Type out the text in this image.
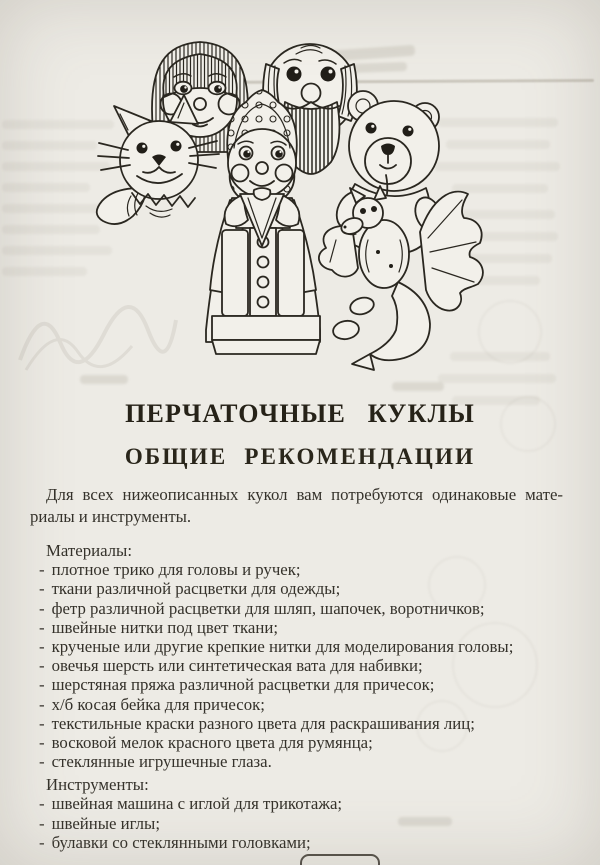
ПЕРЧАТОЧНЫЕ КУКЛЫ
ОБЩИЕ РЕКОМЕНДАЦИИ
Для всех нижеописанных кукол вам потребуются одинаковые мате-
риалы и инструменты.
Материалы:
- плотное трико для головы и ручек;
- ткани различной расцветки для одежды;
- фетр различной расцветки для шляп, шапочек, воротничков;
- швейные нитки под цвет ткани;
- крученые или другие крепкие нитки для моделирования головы;
- овечья шерсть или синтетическая вата для набивки;
- шерстяная пряжа различной расцветки для причесок;
- х/б косая бейка для причесок;
- текстильные краски разного цвета для раскрашивания лиц;
- восковой мелок красного цвета для румянца;
- стеклянные игрушечные глаза.
Инструменты:
- швейная машина с иглой для трикотажа;
- швейные иглы;
- булавки со стеклянными головками;
